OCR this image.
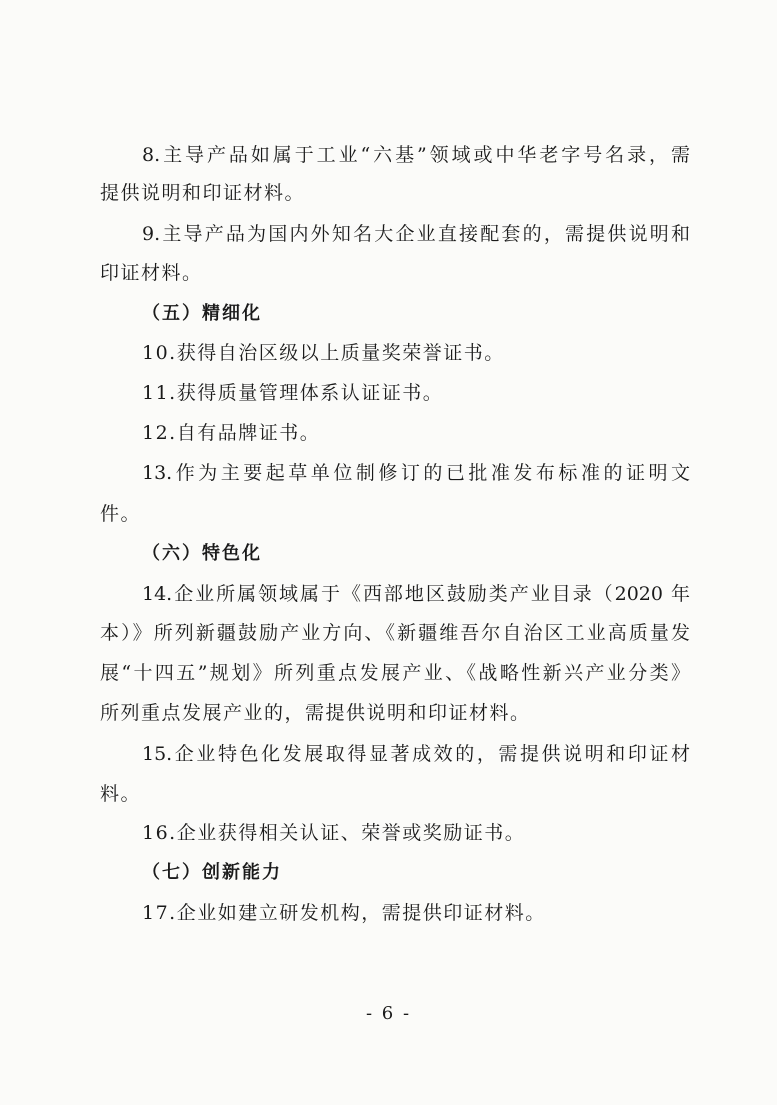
8.主导产品如属于工业“六基”领域或中华老字号名录，需
提供说明和印证材料。
9.主导产品为国内外知名大企业直接配套的，需提供说明和
印证材料。
（五）精细化
10.获得自治区级以上质量奖荣誉证书。
11.获得质量管理体系认证证书。
12.自有品牌证书。
13.作为主要起草单位制修订的已批准发布标准的证明文
件。
（六）特色化
14.企业所属领域属于《西部地区鼓励类产业目录（2020 年
本）》所列新疆鼓励产业方向、《新疆维吾尔自治区工业高质量发
展“十四五”规划》所列重点发展产业、《战略性新兴产业分类》
所列重点发展产业的，需提供说明和印证材料。
15.企业特色化发展取得显著成效的，需提供说明和印证材
料。
16.企业获得相关认证、荣誉或奖励证书。
（七）创新能力
17.企业如建立研发机构，需提供印证材料。
- 6 -
